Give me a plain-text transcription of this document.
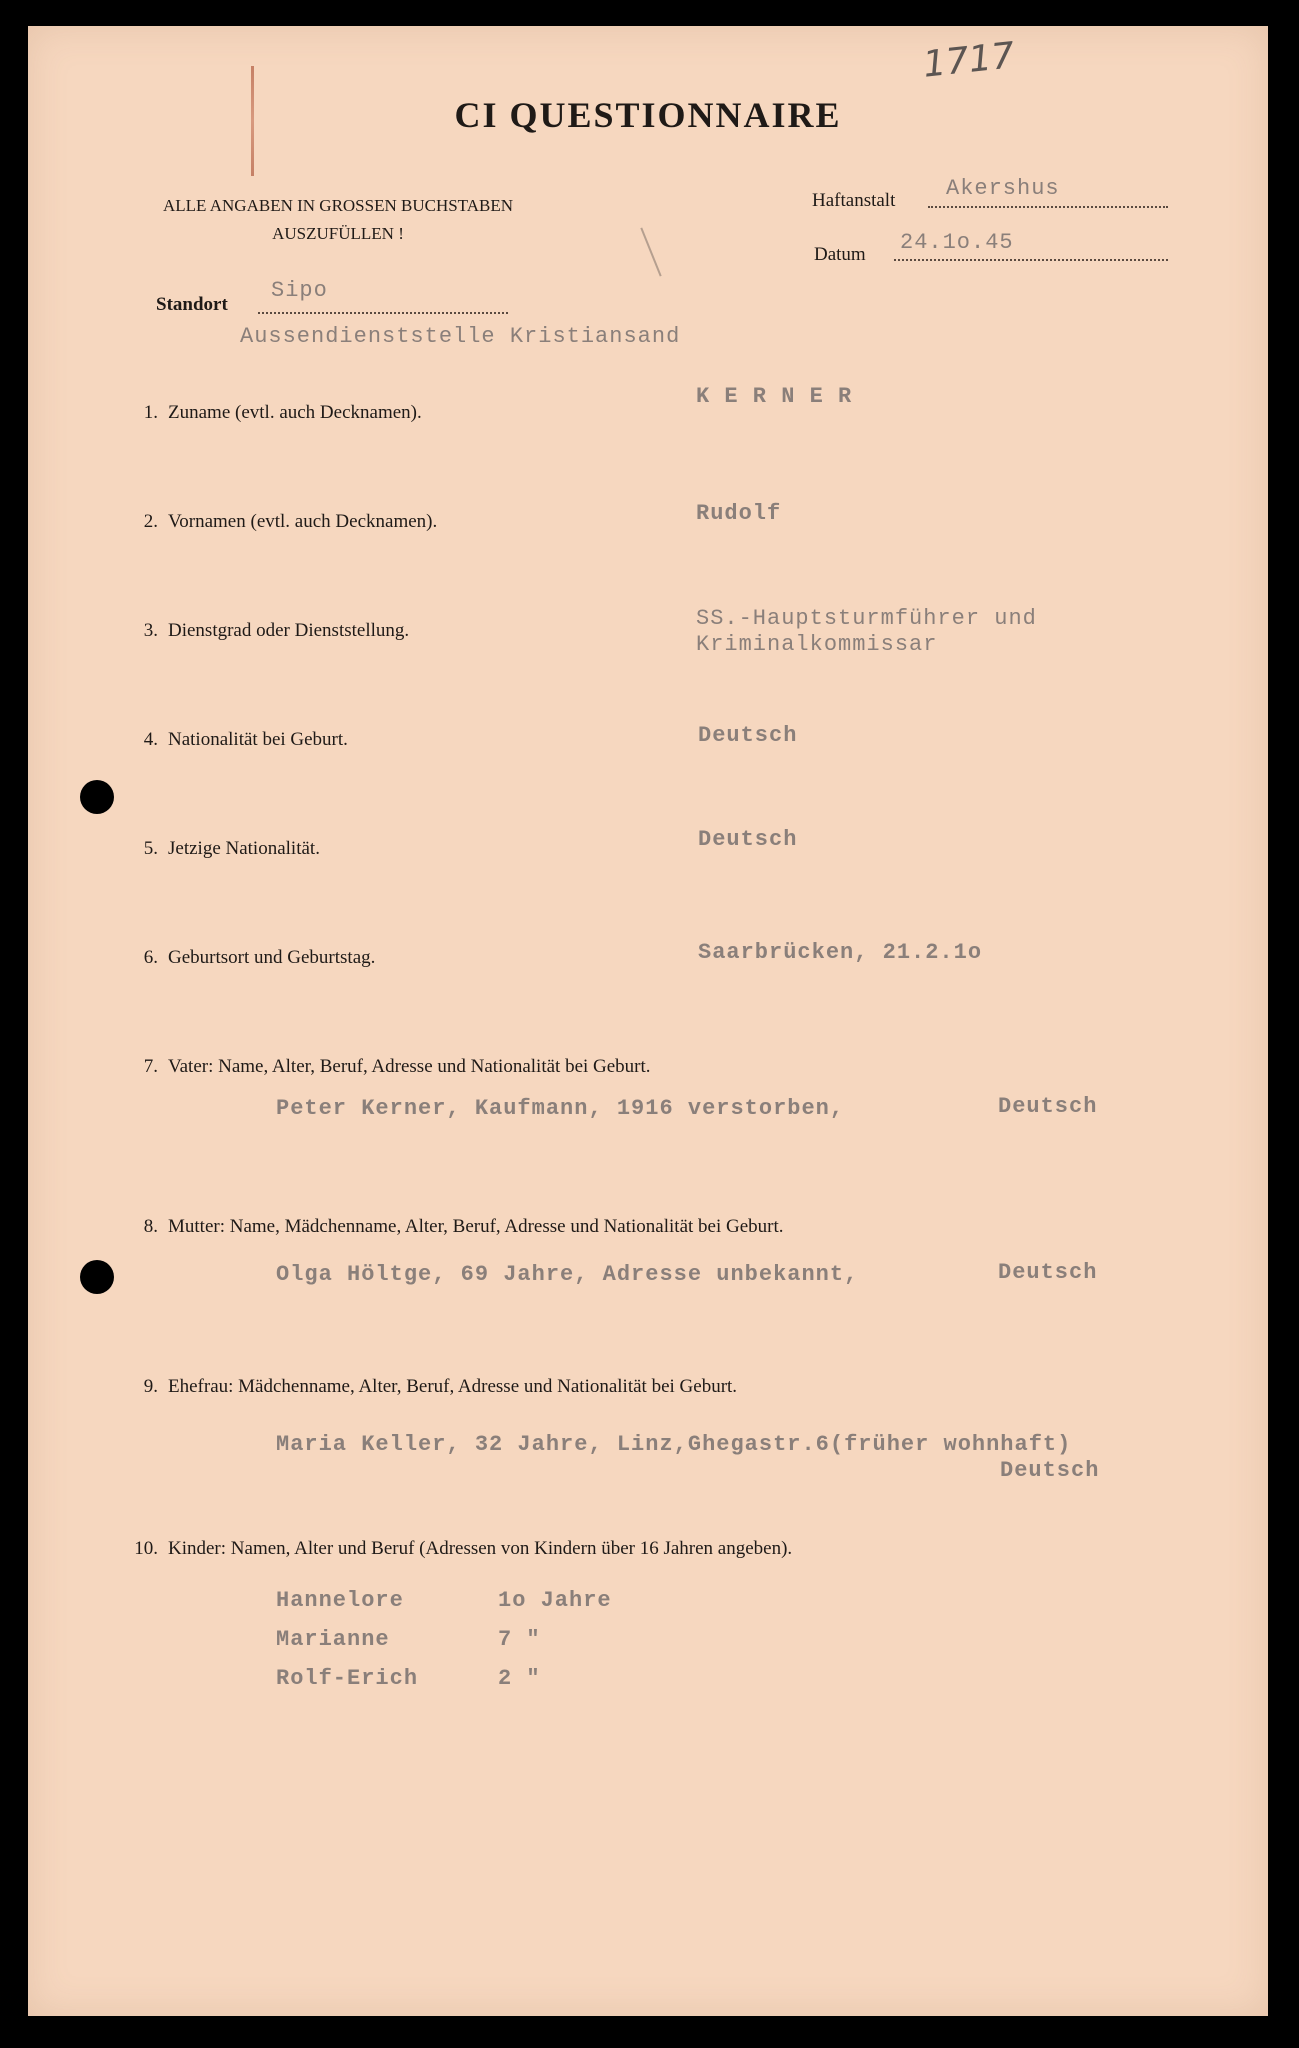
1717
CI QUESTIONNAIRE
ALLE ANGABEN IN GROSSEN BUCHSTABEN
AUSZUFÜLLEN !
Haftanstalt Akershus
Datum 24.1o.45
Standort
Sipo
Aussendienststelle Kristiansand
1. Zuname (evtl. auch Decknamen).
K E R N E R
2. Vornamen (evtl. auch Decknamen).	Rudolf
3. Dienstgrad oder Dienststellung.	SS.-Hauptsturmführer und
Kriminalkommissar
4. Nationalität bei Geburt.	Deutsch
5. Jetzige Nationalität.	Deutsch
6. Geburtsort und Geburtstag.	Saarbrücken, 21.2.1o
7. Vater: Name, Alter, Beruf, Adresse und Nationalität bei Geburt.
Peter Kerner, Kaufmann, 1916 verstorben,	Deutsch
8. Mutter: Name, Mädchenname, Alter, Beruf, Adresse und Nationalität bei Geburt.
Olga Höltge, 69 Jahre, Adresse unbekannt,	Deutsch
9. Ehefrau: Mädchenname, Alter, Beruf, Adresse und Nationalität bei Geburt.
Maria Keller, 32 Jahre, Linz,Ghegastr.6(früher wohnhaft)
Deutsch
10. Kinder: Namen, Alter und Beruf (Adressen von Kindern über 16 Jahren angeben).
Hannelore	1o Jahre
Marianne	7 "
Rolf-Erich	2 "
